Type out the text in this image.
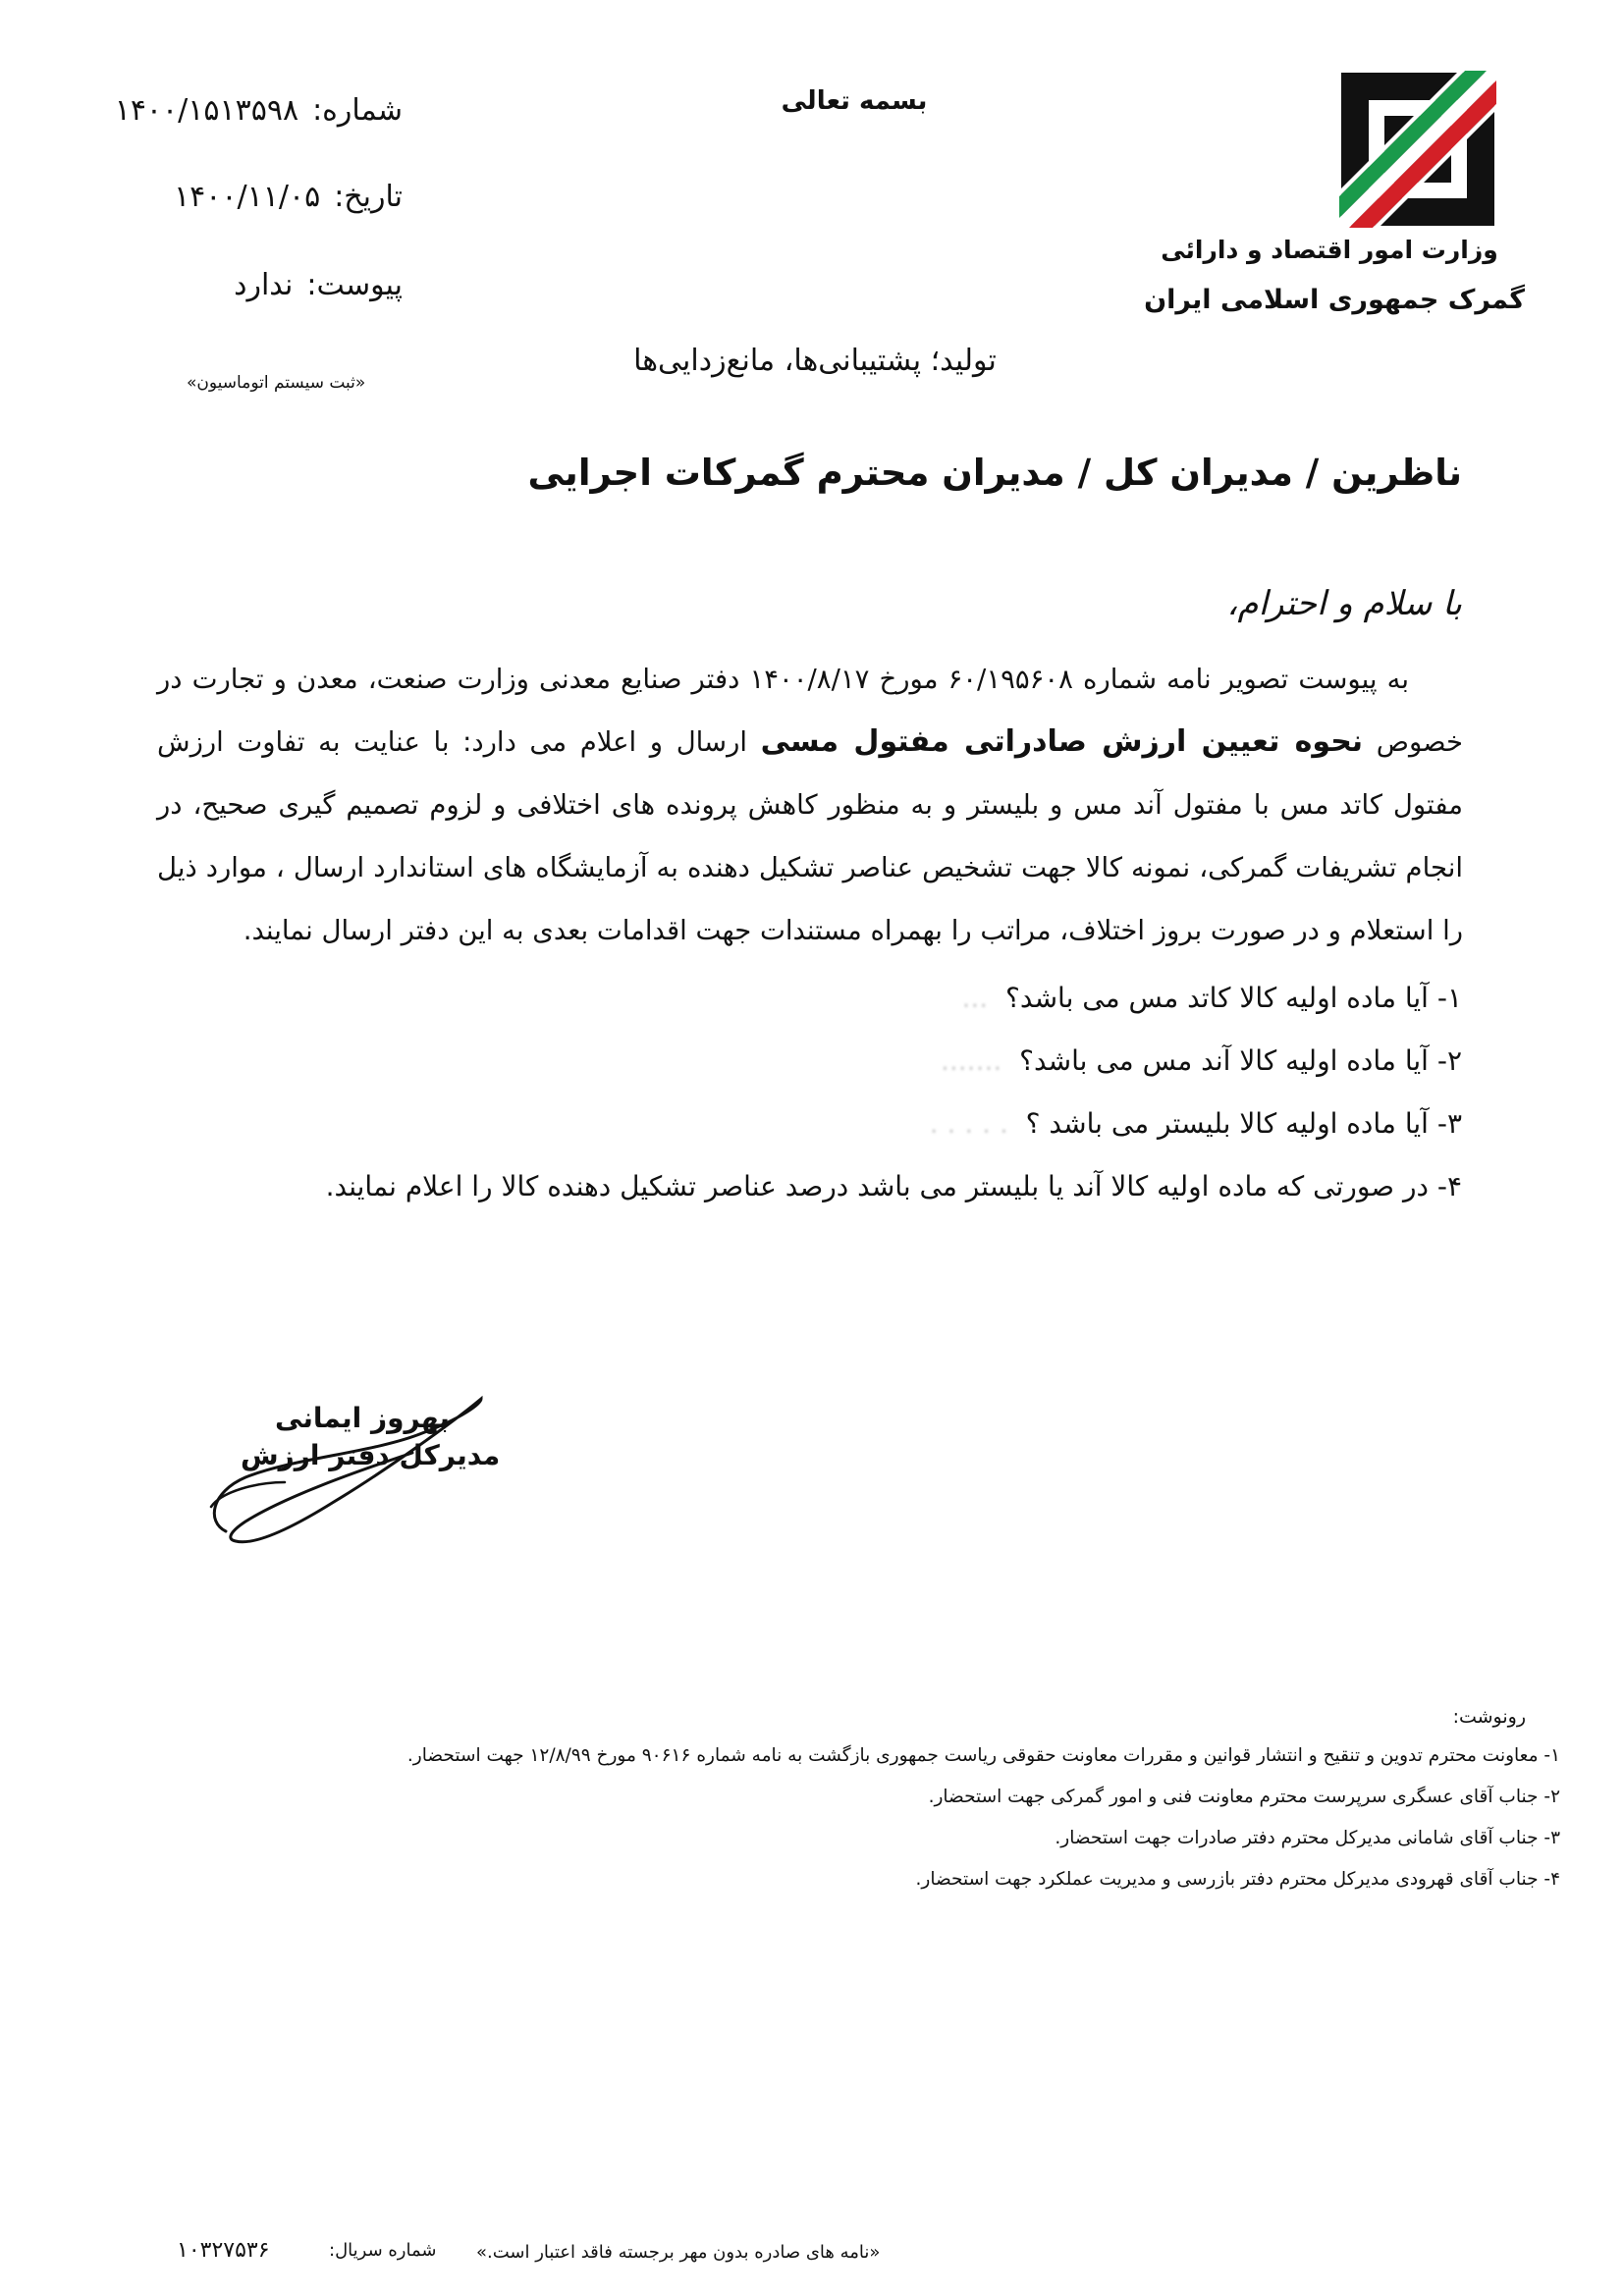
وزارت امور اقتصاد و دارائی
گمرک جمهوری اسلامی ایران
بسمه تعالی
شماره:
۱۴۰۰/۱۵۱۳۵۹۸
تاریخ:
۱۴۰۰/۱۱/۰۵
پیوست:
ندارد
«ثبت سیستم اتوماسیون»
تولید؛ پشتیبانی‌ها، مانع‌زدایی‌ها
ناظرین / مدیران کل / مدیران محترم گمرکات اجرایی
با سلام و احترام،

به پیوست تصویر نامه شماره ۶۰/۱۹۵۶۰۸ مورخ ۱۴۰۰/۸/۱۷ دفتر صنایع معدنی وزارت صنعت، معدن و تجارت در خصوص نحوه تعیین ارزش صادراتی مفتول مسی ارسال و اعلام می دارد: با عنایت به تفاوت ارزش مفتول کاتد مس با مفتول آند مس و بلیستر و به منظور کاهش پرونده های اختلافی و لزوم تصمیم گیری صحیح، در انجام تشریفات گمرکی، نمونه کالا جهت تشخیص عناصر تشکیل دهنده به آزمایشگاه های استاندارد ارسال ، موارد ذیل را استعلام و در صورت بروز اختلاف، مراتب را بهمراه مستندات جهت اقدامات بعدی به این دفتر ارسال نمایند.

۱- آیا ماده اولیه کالا کاتد مس می باشد؟  ...
۲- آیا ماده اولیه کالا آند مس می باشد؟  .......
۳- آیا ماده اولیه کالا بلیستر می باشد ؟  . . . . .
۴- در صورتی که ماده اولیه کالا آند یا بلیستر می باشد درصد عناصر تشکیل دهنده کالا را اعلام نمایند.
بهروز ایمانی
مدیرکل دفتر ارزش
رونوشت:
۱- معاونت محترم تدوین و تنقیح و انتشار قوانین و مقررات معاونت حقوقی ریاست جمهوری بازگشت به نامه شماره ۹۰۶۱۶ مورخ ۱۲/۸/۹۹ جهت استحضار.
۲- جناب آقای عسگری سرپرست محترم معاونت فنی و امور گمرکی جهت استحضار.
۳- جناب آقای شامانی مدیرکل محترم دفتر صادرات جهت استحضار.
۴- جناب آقای قهرودی مدیرکل محترم دفتر بازرسی و مدیریت عملکرد جهت استحضار.
«نامه های صادره بدون مهر برجسته فاقد اعتبار است.»
شماره سریال:
۱۰۳۲۷۵۳۶
